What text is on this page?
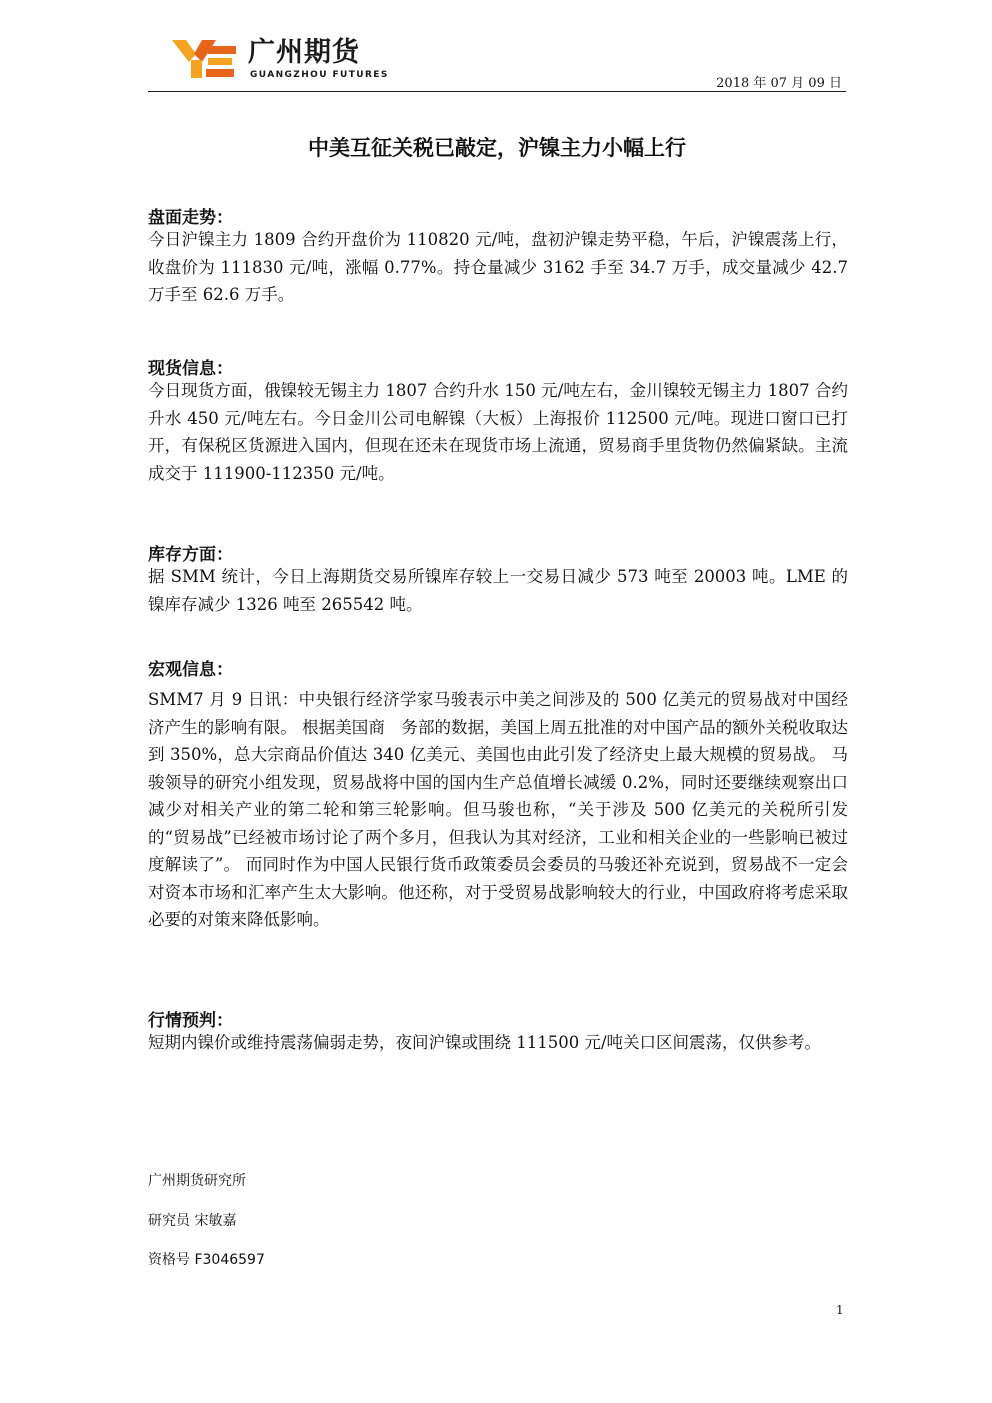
广州期货
GUANGZHOU FUTURES
2018 年 07 月 09 日
中美互征关税已敲定，沪镍主力小幅上行
盘面走势：

今日沪镍主力 1809 合约开盘价为 110820 元/吨，盘初沪镍走势平稳，午后，沪镍震荡上行，收盘价为 111830 元/吨，涨幅 0.77%。持仓量减少 3162 手至 34.7 万手，成交量减少 42.7 万手至 62.6 万手。

现货信息：

今日现货方面，俄镍较无锡主力 1807 合约升水 150 元/吨左右，金川镍较无锡主力 1807 合约升水 450 元/吨左右。今日金川公司电解镍（大板）上海报价 112500 元/吨。现进口窗口已打开，有保税区货源进入国内，但现在还未在现货市场上流通，贸易商手里货物仍然偏紧缺。主流成交于 111900-112350 元/吨。

库存方面：

据 SMM 统计，今日上海期货交易所镍库存较上一交易日减少 573 吨至 20003 吨。LME 的镍库存减少 1326 吨至 265542 吨。

宏观信息：

SMM7 月 9 日讯：中央银行经济学家马骏表示中美之间涉及的 500 亿美元的贸易战对中国经济产生的影响有限。 根据美国商　务部的数据，美国上周五批准的对中国产品的额外关税收取达到 350%，总大宗商品价值达 340 亿美元、美国也由此引发了经济史上最大规模的贸易战。 马骏领导的研究小组发现，贸易战将中国的国内生产总值增长减缓 0.2%，同时还要继续观察出口减少对相关产业的第二轮和第三轮影响。但马骏也称，“关于涉及 500 亿美元的关税所引发的“贸易战”已经被市场讨论了两个多月，但我认为其对经济，工业和相关企业的一些影响已被过度解读了”。 而同时作为中国人民银行货币政策委员会委员的马骏还补充说到，贸易战不一定会对资本市场和汇率产生太大影响。他还称，对于受贸易战影响较大的行业，中国政府将考虑采取必要的对策来降低影响。

行情预判：

短期内镍价或维持震荡偏弱走势，夜间沪镍或围绕 111500 元/吨关口区间震荡，仅供参考。

广州期货研究所
研究员 宋敏嘉
资格号 F3046597
1
